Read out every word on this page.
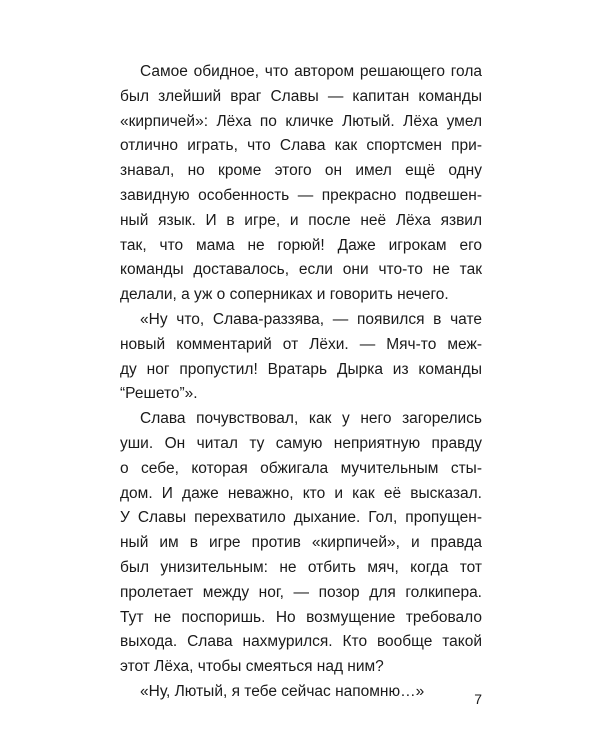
Самое обидное, что автором решающего гола
был злейший враг Славы — капитан команды
«кирпичей»: Лёха по кличке Лютый. Лёха умел
отлично играть, что Слава как спортсмен при-
знавал, но кроме этого он имел ещё одну
завидную особенность — прекрасно подвешен-
ный язык. И в игре, и после неё Лёха язвил
так, что мама не горюй! Даже игрокам его
команды доставалось, если они что-то не так
делали, а уж о соперниках и говорить нечего.
«Ну что, Слава-раззява, — появился в чате
новый комментарий от Лёхи. — Мяч-то меж-
ду ног пропустил! Вратарь Дырка из команды
“Решето”».
Слава почувствовал, как у него загорелись
уши. Он читал ту самую неприятную правду
о себе, которая обжигала мучительным сты-
дом. И даже неважно, кто и как её высказал.
У Славы перехватило дыхание. Гол, пропущен-
ный им в игре против «кирпичей», и правда
был унизительным: не отбить мяч, когда тот
пролетает между ног, — позор для голкипера.
Тут не поспоришь. Но возмущение требовало
выхода. Слава нахмурился. Кто вообще такой
этот Лёха, чтобы смеяться над ним?
«Ну, Лютый, я тебе сейчас напомню…»	7
